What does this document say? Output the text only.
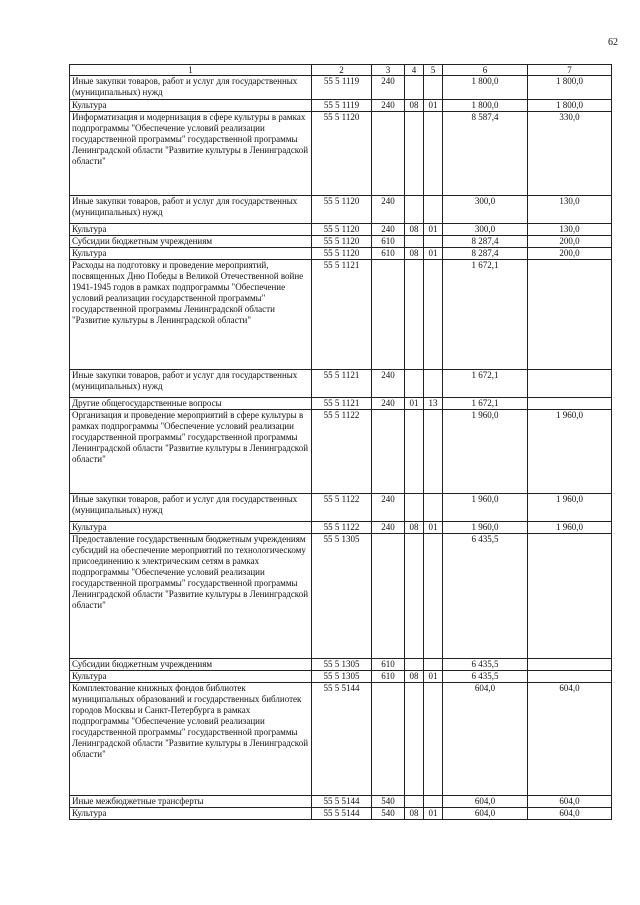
62
1	2	3	4	5	6	7
Иные закупки товаров, работ и услуг для государственных (муниципальных) нужд	55 5 1119	240			1 800,0	1 800,0
Культура	55 5 1119	240	08	01	1 800,0	1 800,0
Информатизация и модернизация в сфере культуры в рамках подпрограммы "Обеспечение условий реализации государственной программы" государственной программы Ленинградской области "Развитие культуры в Ленинградской области"	55 5 1120				8 587,4	330,0
Иные закупки товаров, работ и услуг для государственных (муниципальных) нужд	55 5 1120	240			300,0	130,0
Культура	55 5 1120	240	08	01	300,0	130,0
Субсидии бюджетным учреждениям	55 5 1120	610			8 287,4	200,0
Культура	55 5 1120	610	08	01	8 287,4	200,0
Расходы на подготовку и проведение мероприятий, посвященных Дню Победы в Великой Отечественной войне 1941-1945 годов в рамках подпрограммы "Обеспечение условий реализации государственной программы" государственной программы Ленинградской области "Развитие культуры в Ленинградской области"	55 5 1121				1 672,1	
Иные закупки товаров, работ и услуг для государственных (муниципальных) нужд	55 5 1121	240			1 672,1	
Другие общегосударственные вопросы	55 5 1121	240	01	13	1 672,1	
Организация и проведение мероприятий в сфере культуры в рамках подпрограммы "Обеспечение условий реализации государственной программы" государственной программы Ленинградской области "Развитие культуры в Ленинградской области"	55 5 1122				1 960,0	1 960,0
Иные закупки товаров, работ и услуг для государственных (муниципальных) нужд	55 5 1122	240			1 960,0	1 960,0
Культура	55 5 1122	240	08	01	1 960,0	1 960,0
Предоставление государственным бюджетным учреждениям субсидий на обеспечение мероприятий по технологическому присоединению к электрическим сетям в рамках подпрограммы "Обеспечение условий реализации государственной программы" государственной программы Ленинградской области "Развитие культуры в Ленинградской области"	55 5 1305				6 435,5	
Субсидии бюджетным учреждениям	55 5 1305	610			6 435,5	
Культура	55 5 1305	610	08	01	6 435,5	
Комплектование книжных фондов библиотек муниципальных образований и государственных библиотек городов Москвы и Санкт-Петербурга в рамках подпрограммы "Обеспечение условий реализации государственной программы" государственной программы Ленинградской области "Развитие культуры в Ленинградской области"	55 5 5144				604,0	604,0
Иные межбюджетные трансферты	55 5 5144	540			604,0	604,0
Культура	55 5 5144	540	08	01	604,0	604,0
